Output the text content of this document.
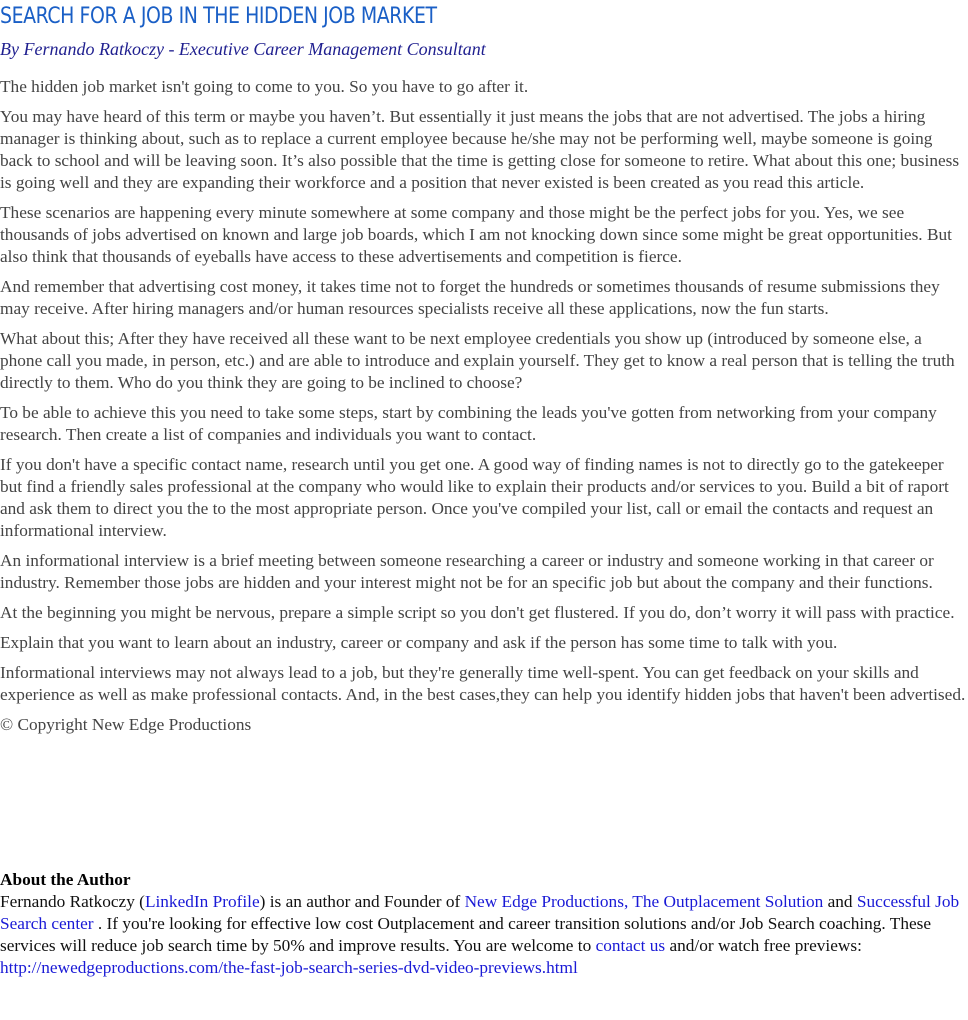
SEARCH FOR A JOB IN THE HIDDEN JOB MARKET

By Fernando Ratkoczy - Executive Career Management Consultant

The hidden job market isn't going to come to you. So you have to go after it.

You may have heard of this term or maybe you haven’t. But essentially it just means the jobs that are not advertised. The jobs a hiring manager is thinking about, such as to replace a current employee because he/she may not be performing well, maybe someone is going back to school and will be leaving soon. It’s also possible that the time is getting close for someone to retire. What about this one; business is going well and they are expanding their workforce and a position that never existed is been created as you read this article.

These scenarios are happening every minute somewhere at some company and those might be the perfect jobs for you. Yes, we see thousands of jobs advertised on known and large job boards, which I am not knocking down since some might be great opportunities. But also think that thousands of eyeballs have access to these advertisements and competition is fierce.

And remember that advertising cost money, it takes time not to forget the hundreds or sometimes thousands of resume submissions they may receive. After hiring managers and/or human resources specialists receive all these applications, now the fun starts.

What about this; After they have received all these want to be next employee credentials you show up (introduced by someone else, a phone call you made, in person, etc.) and are able to introduce and explain yourself. They get to know a real person that is telling the truth directly to them. Who do you think they are going to be inclined to choose?

To be able to achieve this you need to take some steps, start by combining the leads you've gotten from networking from your company research. Then create a list of companies and individuals you want to contact.

If you don't have a specific contact name, research until you get one. A good way of finding names is not to directly go to the gatekeeper but find a friendly sales professional at the company who would like to explain their products and/or services to you. Build a bit of raport and ask them to direct you the to the most appropriate person. Once you've compiled your list, call or email the contacts and request an informational interview.

An informational interview is a brief meeting between someone researching a career or industry and someone working in that career or industry. Remember those jobs are hidden and your interest might not be for an specific job but about the company and their functions.

At the beginning you might be nervous, prepare a simple script so you don't get flustered. If you do, don’t worry it will pass with practice.

Explain that you want to learn about an industry, career or company and ask if the person has some time to talk with you.

Informational interviews may not always lead to a job, but they're generally time well-spent. You can get feedback on your skills and experience as well as make professional contacts. And, in the best cases,they can help you identify hidden jobs that haven't been advertised.

© Copyright New Edge Productions

About the Author

Fernando Ratkoczy (LinkedIn Profile) is an author and Founder of New Edge Productions, The Outplacement Solution and Successful Job Search center . If you're looking for effective low cost Outplacement and career transition solutions and/or Job Search coaching. These services will reduce job search time by 50% and improve results. You are welcome to contact us and/or watch free previews: http://newedgeproductions.com/the-fast-job-search-series-dvd-video-previews.html
